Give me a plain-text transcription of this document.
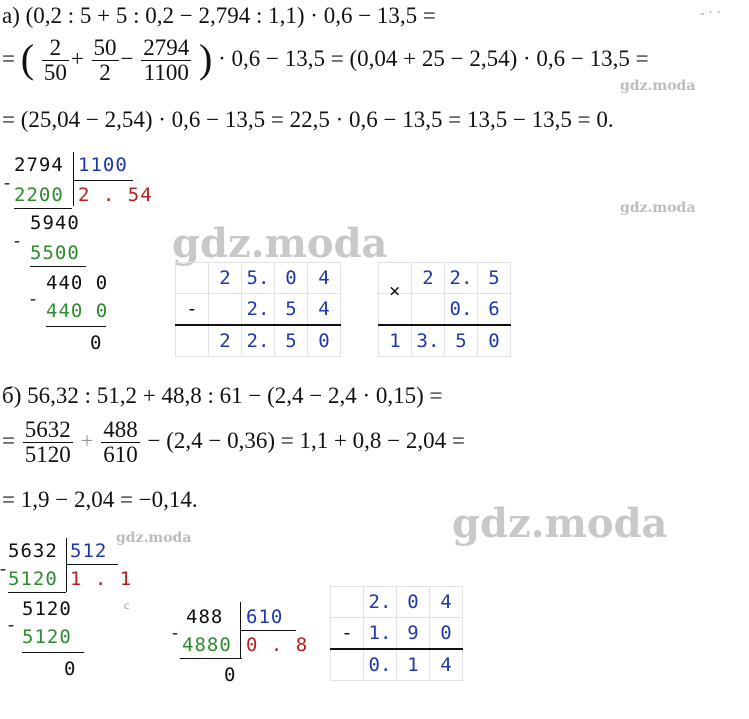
а) (0,2 : 5 + 5 : 0,2 − 2,794 : 1,1) · 0,6 − 13,5 =	- · ·
= ( $\frac{2}{50} + \frac{50}{2} - \frac{2794}{1100}$ ) · 0,6 − 13,5 = (0,04 + 25 − 2,54) · 0,6 − 13,5 =
gdz.moda
= (25,04 − 2,54) · 0,6 − 13,5 = 22,5 · 0,6 − 13,5 = 13,5 − 13,5 = 0.
2794 1100
-
2200 2 . 54
5940
-
5500
440 0
-
440 0
0
gdz.moda
gdz.moda
	2	5.	0	4
-		2.	5	4
	2	2.	5	0
	2	2.	5

×		0.	6
1	3.	5	0
б) 56,32 : 51,2 + 48,8 : 61 − (2,4 − 2,4 · 0,15) =
= $\frac{5632}{5120} + \frac{488}{610} - (2,4 - 0,36) = 1,1 + 0,8 - 2,04$ =
= 1,9 − 2,04 = −0,14.
gdz.moda
5632 512
gdz.moda
- 5120 1 . 1
5120
-
5120
0
c
488 610
-
4880 0 . 8
0
	2.	0	4
-	1.	9	0
	0.	1	4
